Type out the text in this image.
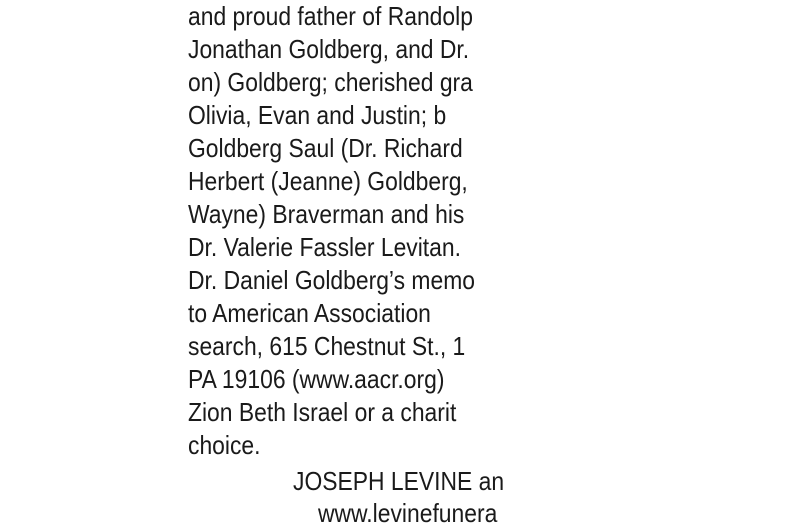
and proud father of Randolp
Jonathan Goldberg, and Dr.
on) Goldberg; cherished gra
Olivia, Evan and Justin; b
Goldberg Saul (Dr. Richard
Herbert (Jeanne) Goldberg,
Wayne) Braverman and his
Dr. Valerie Fassler Levitan.
Dr. Daniel Goldberg’s memo
to American Association
search, 615 Chestnut St., 1
PA 19106 (www.aacr.org)
Zion Beth Israel or a charit
choice.
JOSEPH LEVINE an
www.levinefunera
